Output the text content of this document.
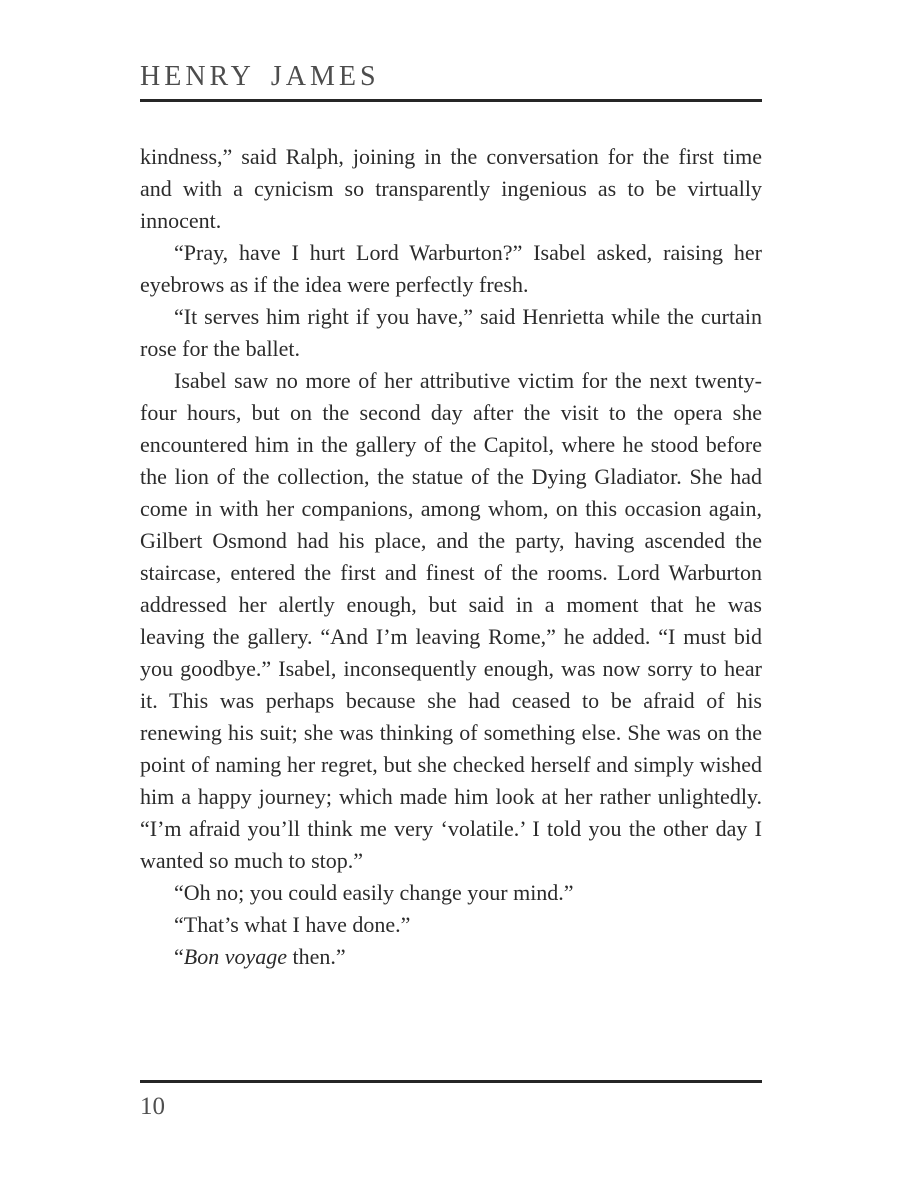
HENRY JAMES

kindness,” said Ralph, joining in the conversation for the first time and with a cynicism so transparently ingenious as to be virtually innocent.

“Pray, have I hurt Lord Warburton?” Isabel asked, raising her eyebrows as if the idea were perfectly fresh.

“It serves him right if you have,” said Henrietta while the curtain rose for the ballet.

Isabel saw no more of her attributive victim for the next twenty-four hours, but on the second day after the visit to the opera she encountered him in the gallery of the Capitol, where he stood before the lion of the collection, the statue of the Dying Gladiator. She had come in with her companions, among whom, on this occasion again, Gilbert Osmond had his place, and the party, having ascended the staircase, entered the first and finest of the rooms. Lord Warburton addressed her alertly enough, but said in a moment that he was leaving the gallery. “And I’m leaving Rome,” he added. “I must bid you goodbye.” Isabel, inconsequently enough, was now sorry to hear it. This was perhaps because she had ceased to be afraid of his renewing his suit; she was thinking of something else. She was on the point of naming her regret, but she checked herself and simply wished him a happy journey; which made him look at her rather unlightedly. “I’m afraid you’ll think me very ‘volatile.’ I told you the other day I wanted so much to stop.”

“Oh no; you could easily change your mind.”

“That’s what I have done.”

“Bon voyage then.”

10
